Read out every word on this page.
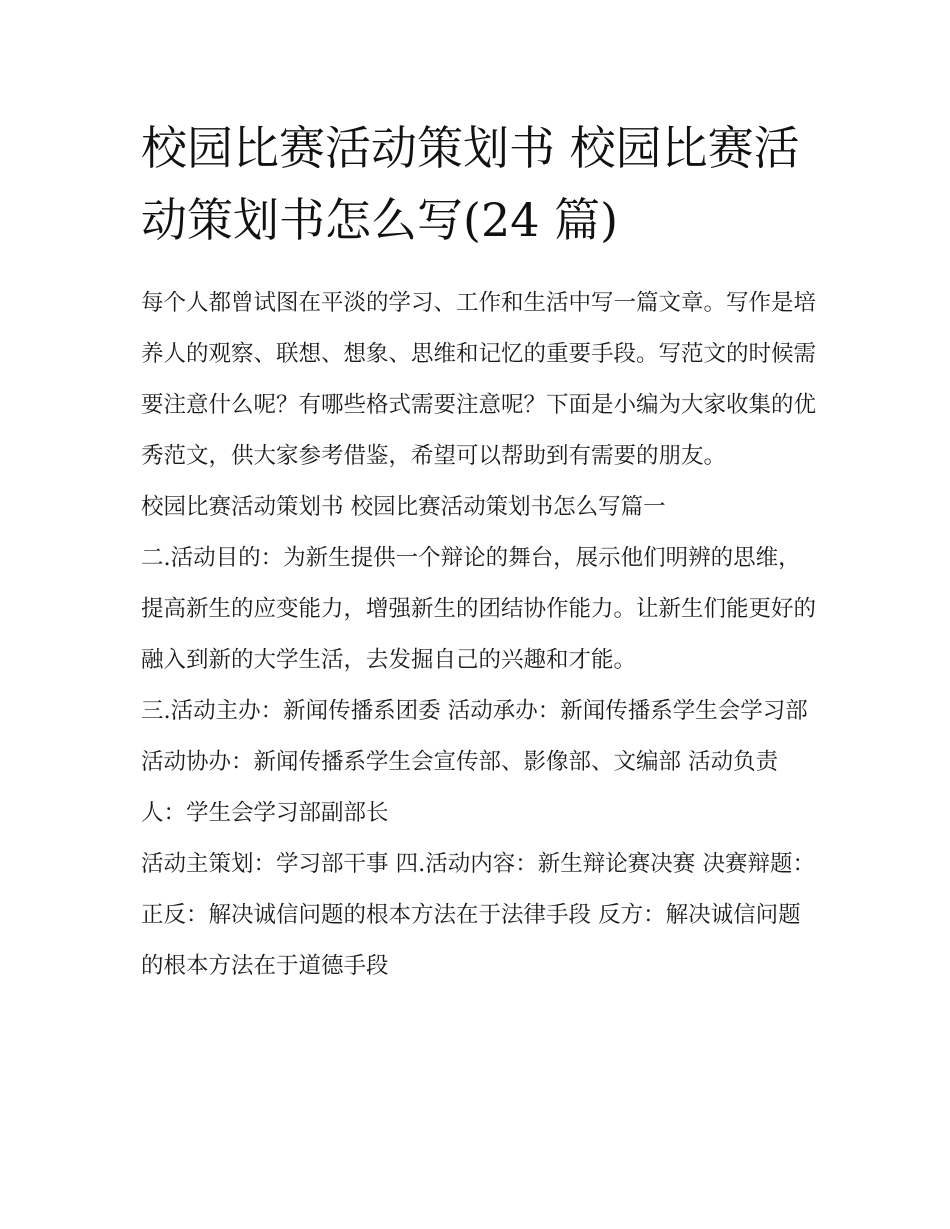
校园比赛活动策划书 校园比赛活动策划书怎么写(24 篇)

每个人都曾试图在平淡的学习、工作和生活中写一篇文章。写作是培养人的观察、联想、想象、思维和记忆的重要手段。写范文的时候需要注意什么呢？有哪些格式需要注意呢？下面是小编为大家收集的优秀范文，供大家参考借鉴，希望可以帮助到有需要的朋友。

校园比赛活动策划书 校园比赛活动策划书怎么写篇一

二.活动目的：为新生提供一个辩论的舞台，展示他们明辨的思维，提高新生的应变能力，增强新生的团结协作能力。让新生们能更好的融入到新的大学生活，去发掘自己的兴趣和才能。

三.活动主办：新闻传播系团委 活动承办：新闻传播系学生会学习部 活动协办：新闻传播系学生会宣传部、影像部、文编部 活动负责人：学生会学习部副部长

活动主策划：学习部干事 四.活动内容：新生辩论赛决赛 决赛辩题： 正反：解决诚信问题的根本方法在于法律手段 反方：解决诚信问题的根本方法在于道德手段
